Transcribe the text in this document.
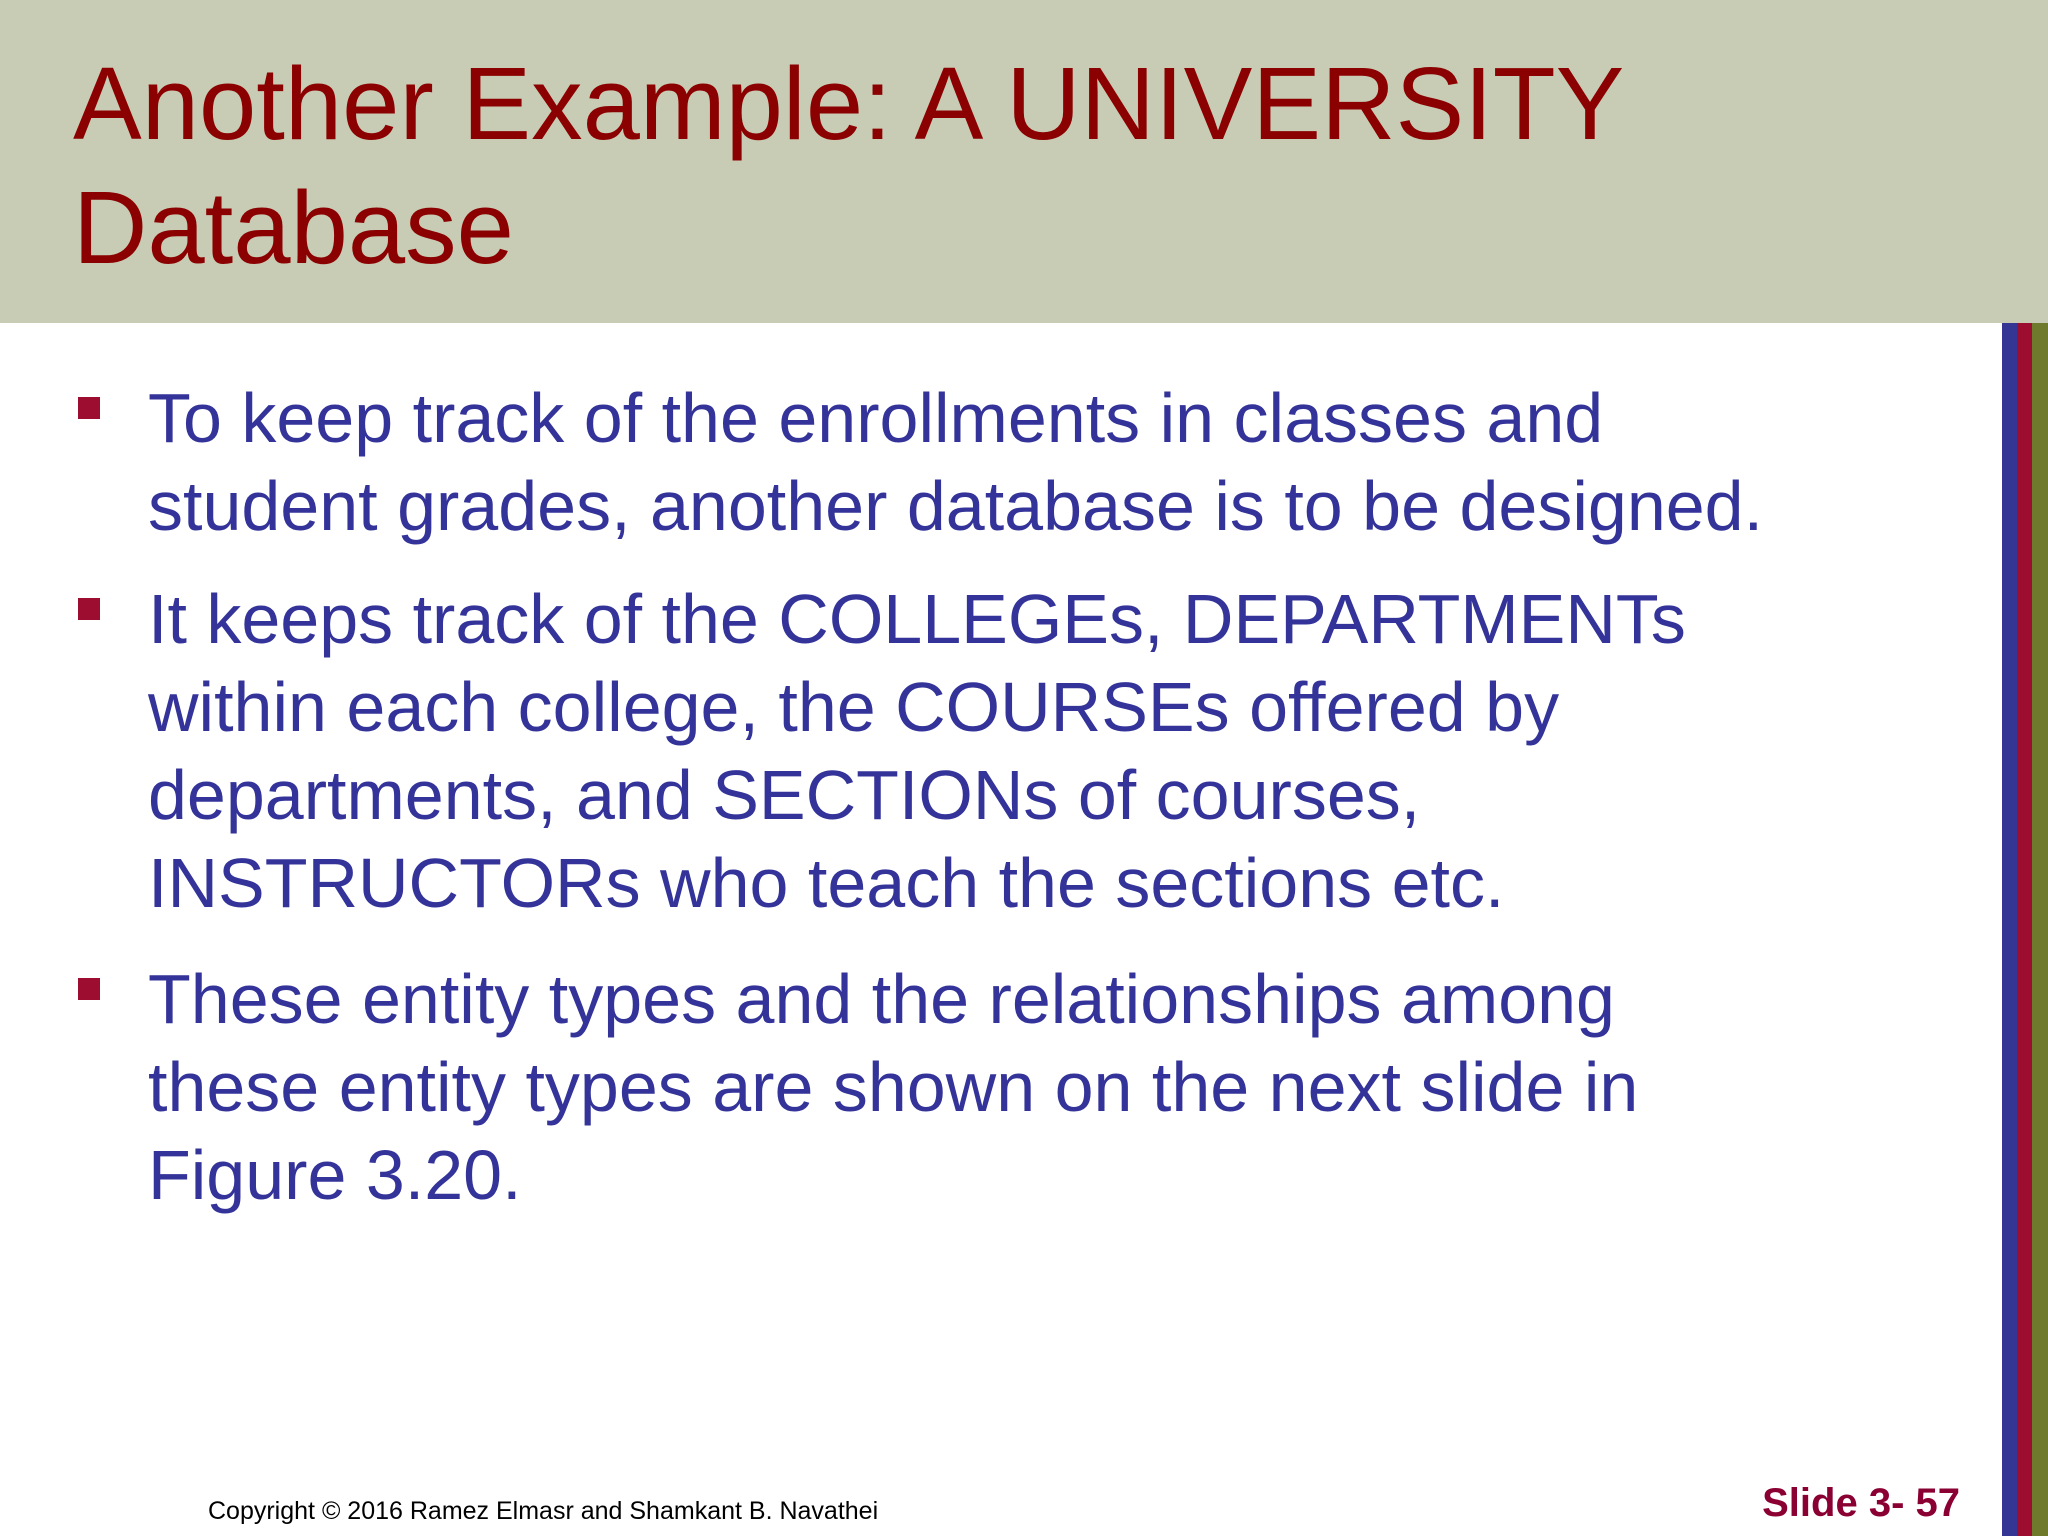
Another Example: A UNIVERSITY
Database
To keep track of the enrollments in classes and
student grades, another database is to be designed.
It keeps track of the COLLEGEs, DEPARTMENTs
within each college, the COURSEs offered by
departments, and SECTIONs of courses,
INSTRUCTORs who teach the sections etc.
These entity types and the relationships among
these entity types are shown on the next slide in
Figure 3.20.
Copyright © 2016 Ramez Elmasr and Shamkant B. Navathei	Slide 3- 57
